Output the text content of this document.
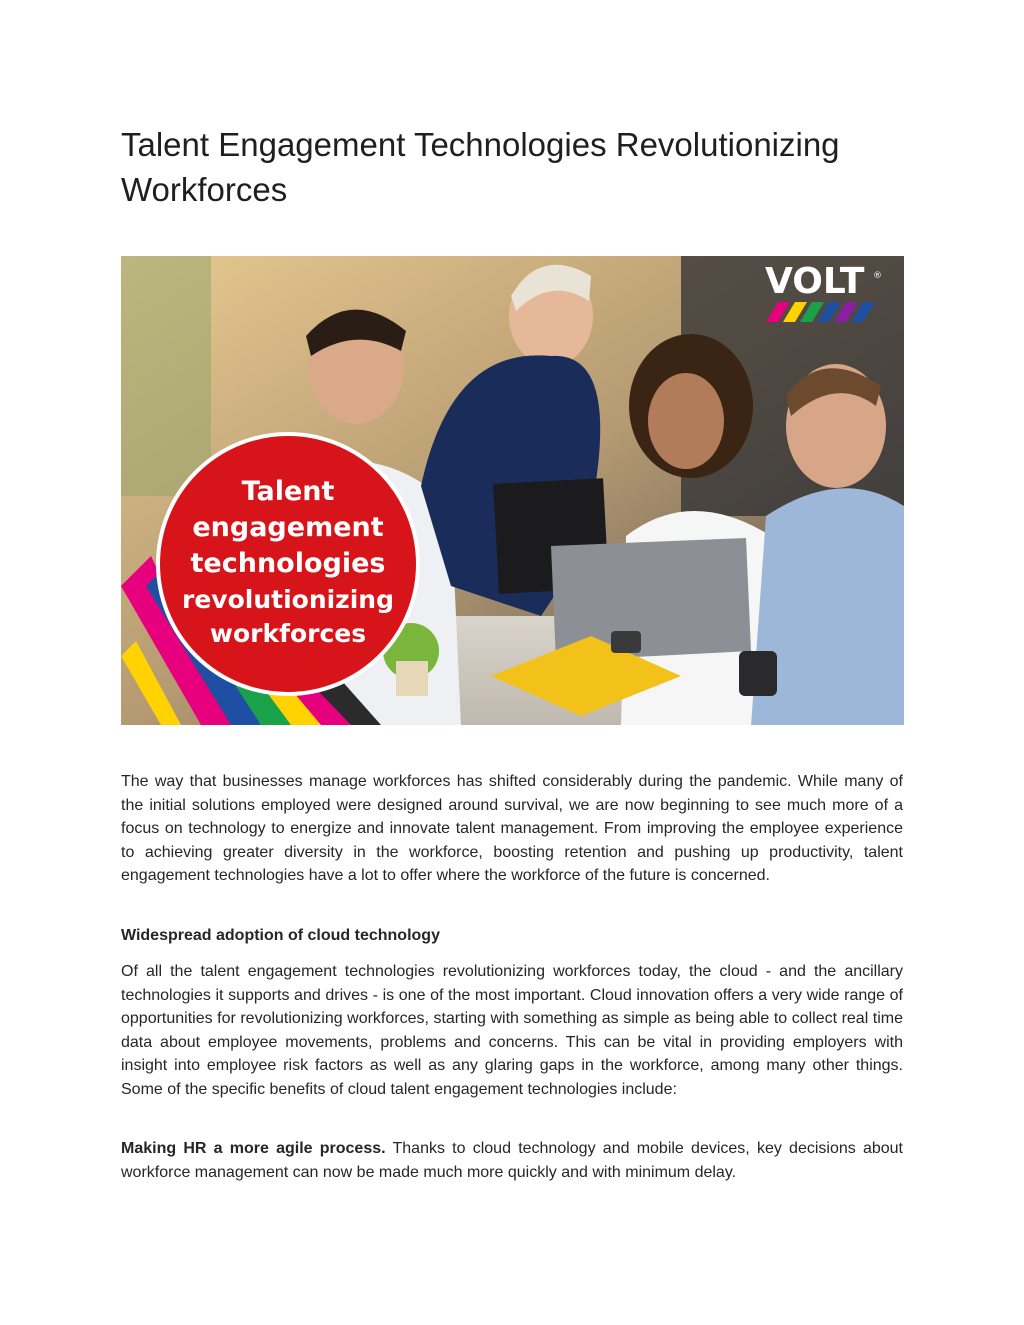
Talent Engagement Technologies Revolutionizing Workforces
Talent
engagement
technologies
revolutionizing
workforces
VOLT ®

The way that businesses manage workforces has shifted considerably during the pandemic. While many of the initial solutions employed were designed around survival, we are now beginning to see much more of a focus on technology to energize and innovate talent management. From improving the employee experience to achieving greater diversity in the workforce, boosting retention and pushing up productivity, talent engagement technologies have a lot to offer where the workforce of the future is concerned.

Widespread adoption of cloud technology

Of all the talent engagement technologies revolutionizing workforces today, the cloud - and the ancillary technologies it supports and drives - is one of the most important. Cloud innovation offers a very wide range of opportunities for revolutionizing workforces, starting with something as simple as being able to collect real time data about employee movements, problems and concerns. This can be vital in providing employers with insight into employee risk factors as well as any glaring gaps in the workforce, among many other things. Some of the specific benefits of cloud talent engagement technologies include:

Making HR a more agile process. Thanks to cloud technology and mobile devices, key decisions about workforce management can now be made much more quickly and with minimum delay.
